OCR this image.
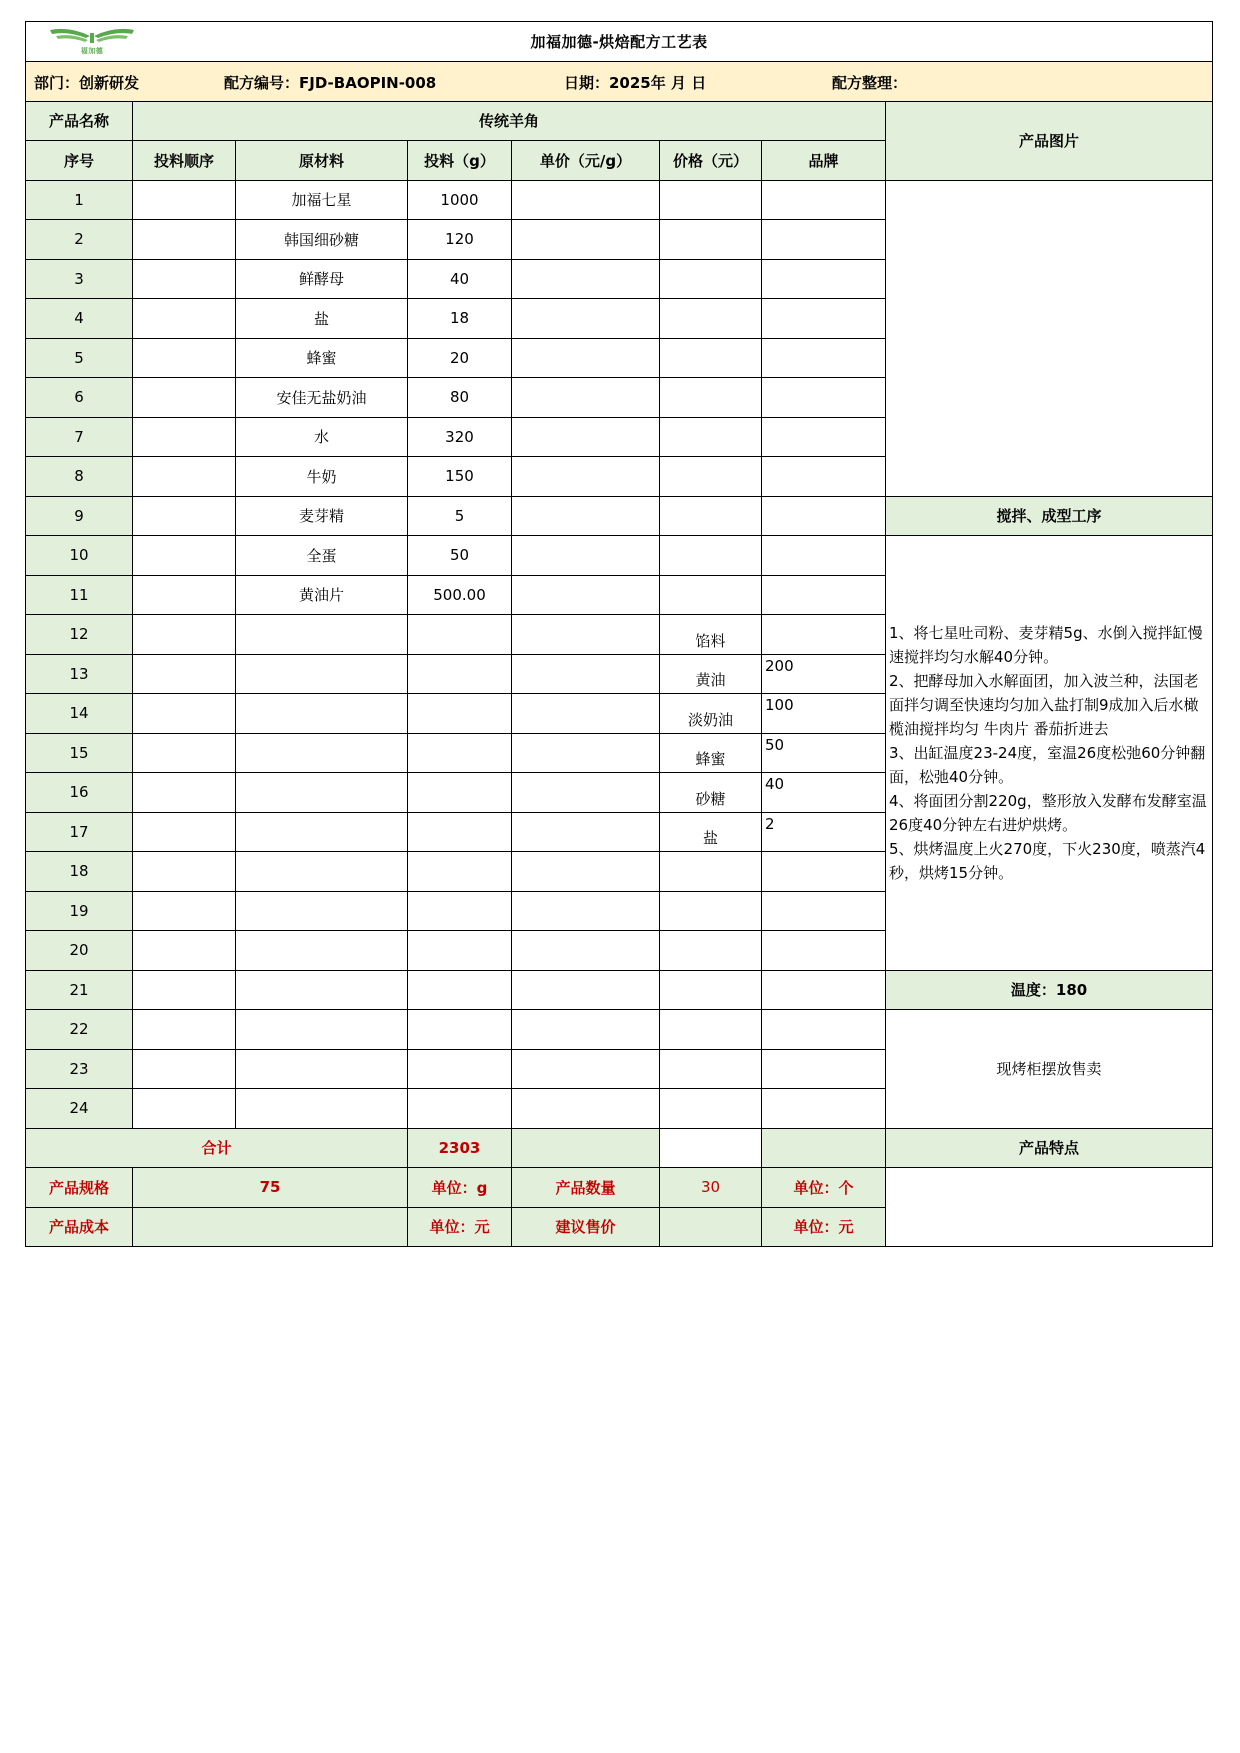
福加德
加福加德-烘焙配方工艺表							

部门：创新研发 配方编号：FJD-BAOPIN-008 日期：2025年 月 日 配方整理：							

产品名称	传统羊角						产品图片
序号	投料顺序	原材料	投料（g）	单价（元/g）	价格（元）	品牌	
1		加福七星	1000				
2		韩国细砂糖	120				
3		鲜酵母	40				
4		盐	18				
5		蜂蜜	20				
6		安佳无盐奶油	80				
7		水	320				
8		牛奶	150				
9		麦芽精	5				搅拌、成型工序
10		全蛋	50				1、将七星吐司粉、麦芽精5g、水倒入搅拌缸慢速搅拌均匀水解40分钟。
2、把酵母加入水解面团，加入波兰种，法国老面拌匀调至快速均匀加入盐打制9成加入后水橄榄油搅拌均匀 牛肉片 番茄折进去
3、出缸温度23-24度，室温26度松弛60分钟翻面，松弛40分钟。
4、将面团分割220g，整形放入发酵布发酵室温26度40分钟左右进炉烘烤。
5、烘烤温度上火270度，下火230度，喷蒸汽4秒，烘烤15分钟。

11		黄油片	500.00				
12					馅料		
13					黄油	200	
14					淡奶油	100	
15					蜂蜜	50	
16					砂糖	40	
17					盐	2	
18							
19							
20							
21							温度：180
22							现烤柜摆放售卖
23							
24							
合计			2303				产品特点
产品规格	75		单位：g	产品数量	30	单位：个	
产品成本			单位：元	建议售价		单位：元	
